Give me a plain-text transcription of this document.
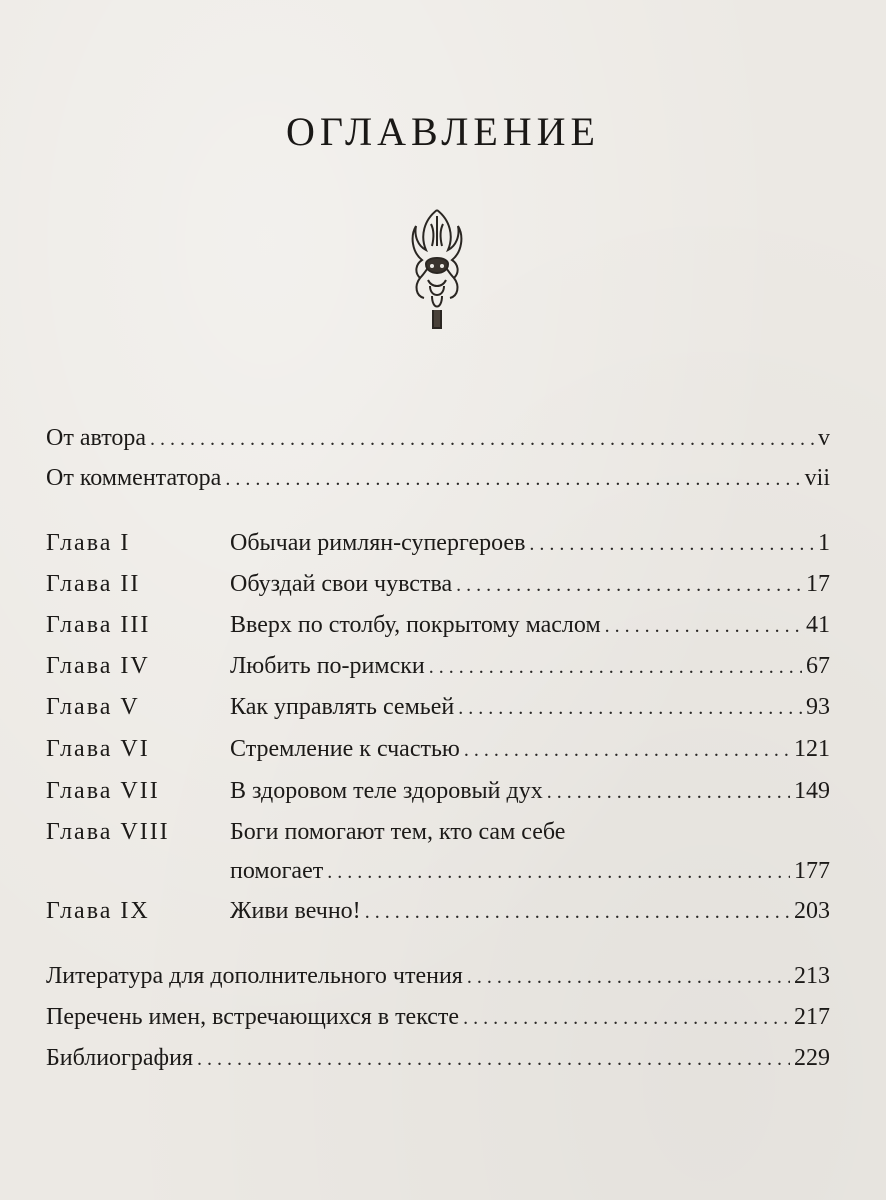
ОГЛАВЛЕНИЕ
От автора . . .	v
От комментатора . . .	vii
Глава I	Обычаи римлян-супергероев . . .	1
Глава II	Обуздай свои чувства . . .	17
Глава III	Вверх по столбу, покрытому маслом . . .	41
Глава IV	Любить по-римски . . .	67
Глава V	Как управлять семьей . . .	93
Глава VI	Стремление к счастью . . .	121
Глава VII	В здоровом теле здоровый дух . . .	149
Глава VIII	Боги помогают тем, кто сам себе
помогает . . .	177
Глава IX	Живи вечно! . . .	203
Литература для дополнительного чтения . . .	213
Перечень имен, встречающихся в тексте . . .	217
Библиография . . .	229
